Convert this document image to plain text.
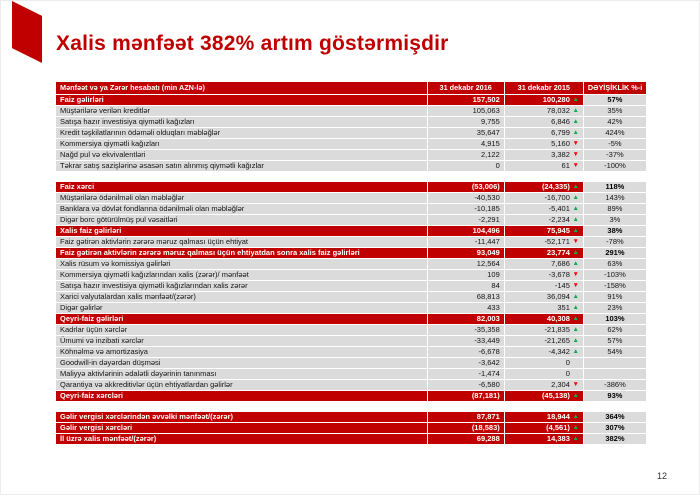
Xalis mənfəət 382% artım göstərmişdir
Mənfəət və ya Zərər hesabatı (min AZN-lə)	31 dekabr 2016	31 dekabr 2015	DƏYİŞİKLİK %-i
Faiz gəlirləri	157,502	100,280 ▲	57%
Müştərilərə verilən kreditlər	105,063	78,032 ▲	35%
Satışa hazır investisiya qiymətli kağızları	9,755	6,846 ▲	42%
Kredit təşkilatlarının ödəməli olduqları məbləğlər	35,647	6,799 ▲	424%
Kommersiya qiymətli kağızları	4,915	5,160 ▼	-5%
Nağd pul və ekvivalentləri	2,122	3,382 ▼	-37%
Təkrar satış sazişlərinə əsasən satın alınmış qiymətli kağızlar	0	61 ▼	-100%
Faiz xərci	(53,006)	(24,335) ▲	118%
Müştərilərə ödənilməli olan məbləğlər	-40,530	-16,700 ▲	143%
Banklara və dövlət fondlarına ödənilməli olan məbləğlər	-10,185	-5,401 ▲	89%
Digər borc götürülmüş pul vəsaitləri	-2,291	-2,234 ▲	3%
Xalis faiz gəlirləri	104,496	75,945 ▲	38%
Faiz gətirən aktivlərin zərərə məruz qalması üçün ehtiyat	-11,447	-52,171 ▼	-78%
Faiz gətirən aktivlərin zərərə məruz qalması üçün ehtiyatdan sonra xalis faiz gəlirləri	93,049	23,774 ▲	291%
Xalis rüsum və komissiya gəlirləri	12,564	7,686 ▲	63%
Kommersiya qiymətli kağızlarından xalis (zərər)/ mənfəət	109	-3,678 ▼	-103%
Satışa hazır investisiya qiymətli kağızlarından xalis zərər	84	-145 ▼	-158%
Xarici valyutalardan xalis mənfəət/(zərər)	68,813	36,094 ▲	91%
Digər gəlirlər	433	351 ▲	23%
Qeyri-faiz gəlirləri	82,003	40,308 ▲	103%
Kadrlar üçün xərclər	-35,358	-21,835 ▲	62%
Ümumi və inzibati xərclər	-33,449	-21,265 ▲	57%
Köhnəlmə və amortizasiya	-6,678	-4,342 ▲	54%
Goodwill-in dəyərdən düşməsi	-3,642	0	

Maliyyə aktivlərinin ədalətli dəyərinin tanınması	-1,474	0	

Qarantiya və akkreditivlər üçün ehtiyatlardan gəlirlər	-6,580	2,304 ▼	-386%
Qeyri-faiz xərcləri	(87,181)	(45,138) ▲	93%
Gəlir vergisi xərclərindən əvvəlki mənfəət/(zərər)	87,871	18,944 ▲	364%
Gəlir vergisi xərcləri	(18,583)	(4,561) ▲	307%
İl üzrə xalis mənfəət/(zərər)	69,288	14,383 ▲	382%
12
